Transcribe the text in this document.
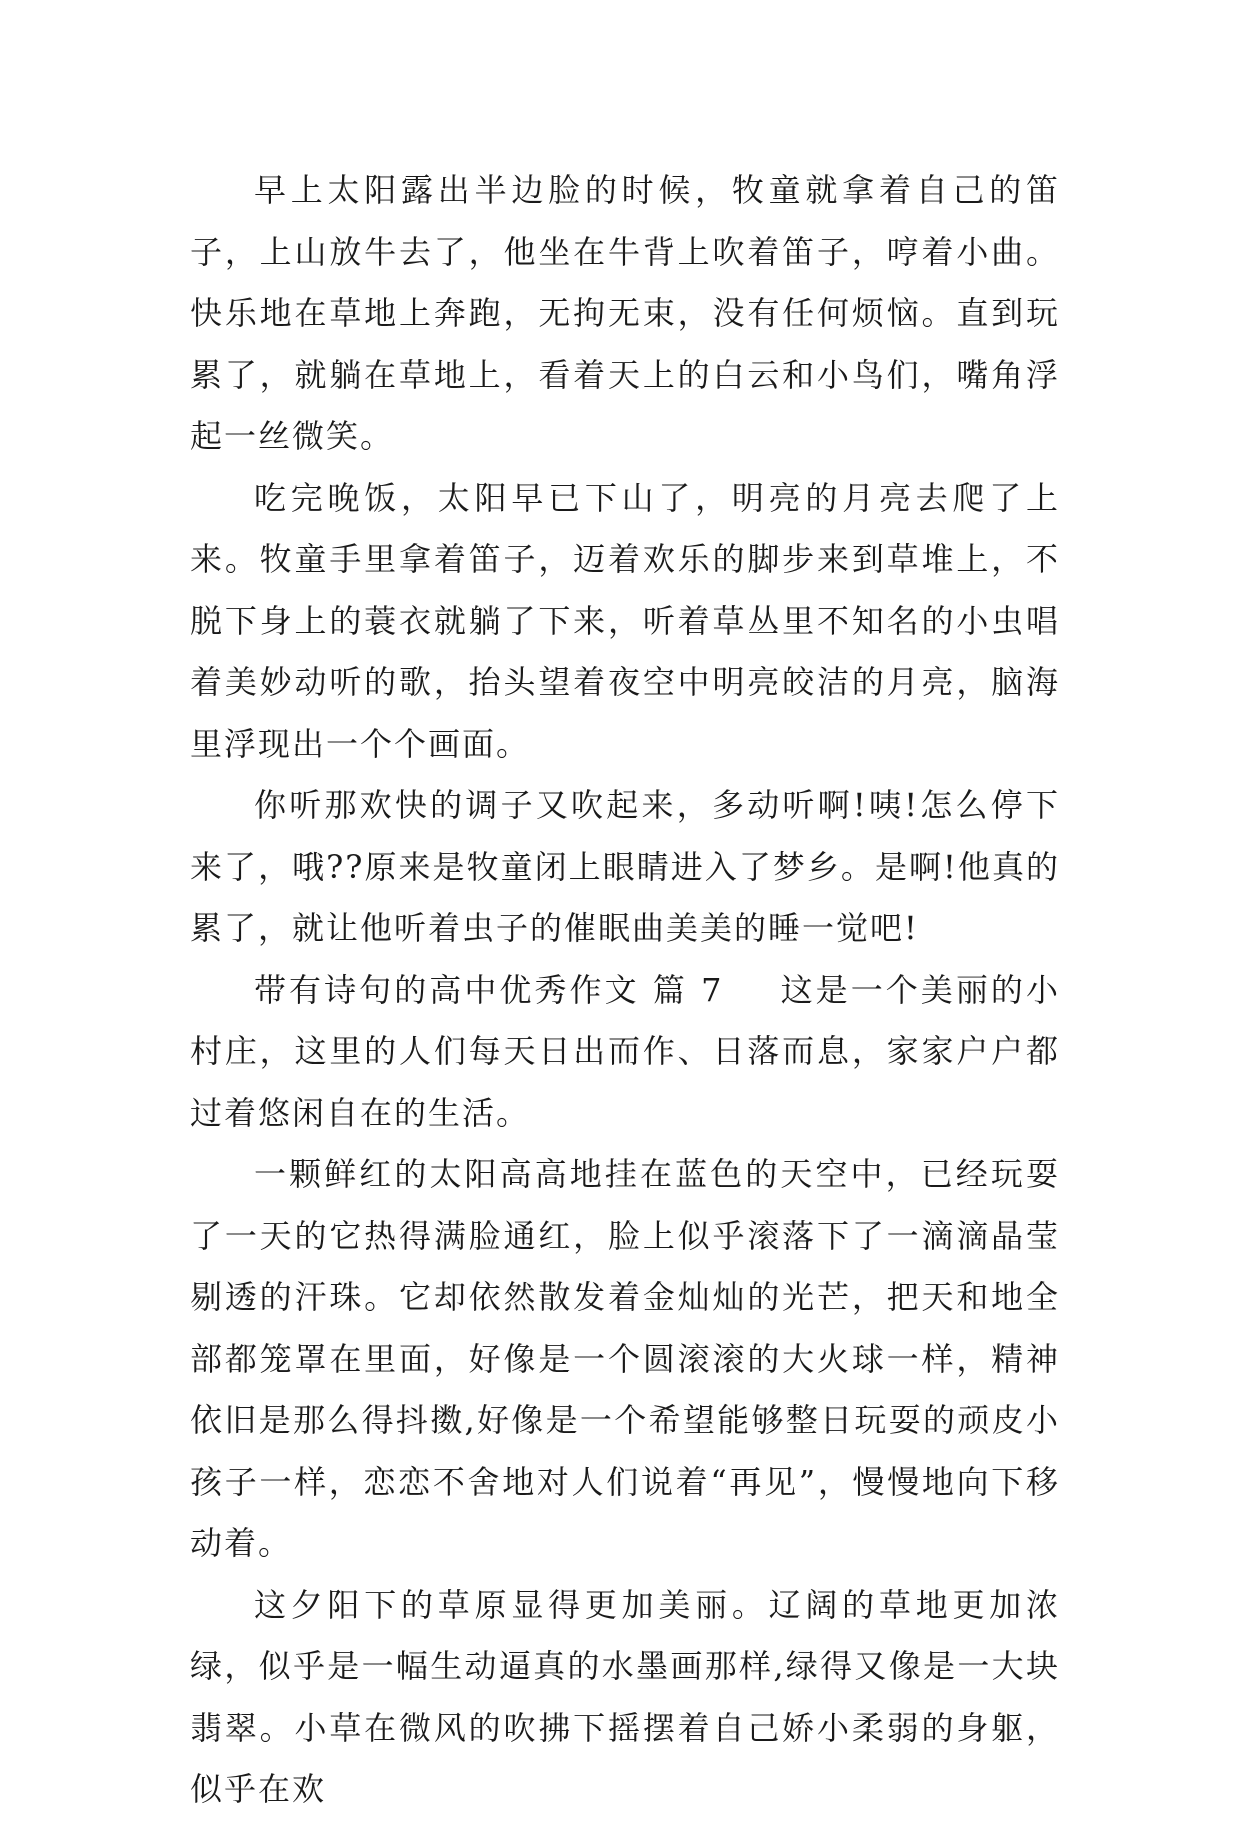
早上太阳露出半边脸的时候，牧童就拿着自己的笛子，上山放牛去了，他坐在牛背上吹着笛子，哼着小曲。快乐地在草地上奔跑，无拘无束，没有任何烦恼。直到玩累了，就躺在草地上，看着天上的白云和小鸟们，嘴角浮起一丝微笑。

吃完晚饭，太阳早已下山了，明亮的月亮去爬了上来。牧童手里拿着笛子，迈着欢乐的脚步来到草堆上，不脱下身上的蓑衣就躺了下来，听着草丛里不知名的小虫唱着美妙动听的歌，抬头望着夜空中明亮皎洁的月亮，脑海里浮现出一个个画面。

你听那欢快的调子又吹起来，多动听啊!咦!怎么停下来了，哦??原来是牧童闭上眼睛进入了梦乡。是啊!他真的累了，就让他听着虫子的催眠曲美美的睡一觉吧!

带有诗句的高中优秀作文 篇 7 这是一个美丽的小村庄，这里的人们每天日出而作、日落而息，家家户户都过着悠闲自在的生活。

一颗鲜红的太阳高高地挂在蓝色的天空中，已经玩耍了一天的它热得满脸通红，脸上似乎滚落下了一滴滴晶莹剔透的汗珠。它却依然散发着金灿灿的光芒，把天和地全部都笼罩在里面，好像是一个圆滚滚的大火球一样，精神依旧是那么得抖擞,好像是一个希望能够整日玩耍的顽皮小孩子一样，恋恋不舍地对人们说着“再见”，慢慢地向下移动着。

这夕阳下的草原显得更加美丽。辽阔的草地更加浓绿，似乎是一幅生动逼真的水墨画那样,绿得又像是一大块翡翠。小草在微风的吹拂下摇摆着自己娇小柔弱的身躯，似乎在欢
